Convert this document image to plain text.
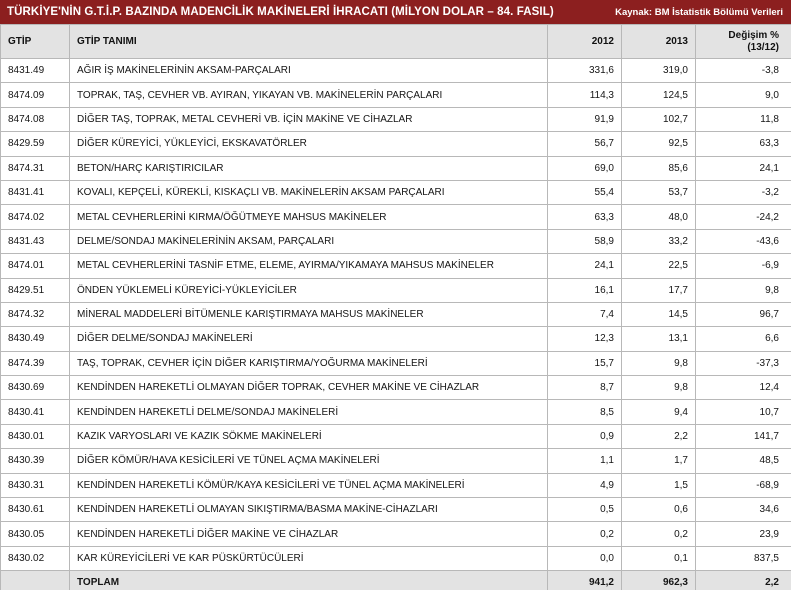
TÜRKİYE'NİN G.T.İ.P. BAZINDA MADENCİLİK MAKİNELERİ İHRACATI (MİLYON DOLAR – 84. FASIL)	Kaynak: BM İstatistik Bölümü Verileri
GTİP	GTİP TANIMI	2012	2013	Değişim %
(13/12)

8431.49	AĞIR İŞ MAKİNELERİNİN AKSAM-PARÇALARI	331,6	319,0	-3,8
8474.09	TOPRAK, TAŞ, CEVHER VB. AYIRAN, YIKAYAN VB. MAKİNELERİN PARÇALARI	114,3	124,5	9,0
8474.08	DİĞER TAŞ, TOPRAK, METAL CEVHERİ VB. İÇİN MAKİNE VE CİHAZLAR	91,9	102,7	11,8
8429.59	DİĞER KÜREYİCİ, YÜKLEYİCİ, EKSKAVATÖRLER	56,7	92,5	63,3
8474.31	BETON/HARÇ KARIŞTIRICILAR	69,0	85,6	24,1
8431.41	KOVALI, KEPÇELİ, KÜREKLİ, KISKAÇLI VB. MAKİNELERİN AKSAM PARÇALARI	55,4	53,7	-3,2
8474.02	METAL CEVHERLERİNİ KIRMA/ÖĞÜTMEYE MAHSUS MAKİNELER	63,3	48,0	-24,2
8431.43	DELME/SONDAJ MAKİNELERİNİN AKSAM, PARÇALARI	58,9	33,2	-43,6
8474.01	METAL CEVHERLERİNİ TASNİF ETME, ELEME, AYIRMA/YIKAMAYA MAHSUS MAKİNELER	24,1	22,5	-6,9
8429.51	ÖNDEN YÜKLEMELİ KÜREYİCİ-YÜKLEYİCİLER	16,1	17,7	9,8
8474.32	MİNERAL MADDELERİ BİTÜMENLE KARIŞTIRMAYA MAHSUS MAKİNELER	7,4	14,5	96,7
8430.49	DİĞER DELME/SONDAJ MAKİNELERİ	12,3	13,1	6,6
8474.39	TAŞ, TOPRAK, CEVHER İÇİN DİĞER KARIŞTIRMA/YOĞURMA MAKİNELERİ	15,7	9,8	-37,3
8430.69	KENDİNDEN HAREKETLİ OLMAYAN DİĞER TOPRAK, CEVHER MAKİNE VE CİHAZLAR	8,7	9,8	12,4
8430.41	KENDİNDEN HAREKETLİ DELME/SONDAJ MAKİNELERİ	8,5	9,4	10,7
8430.01	KAZIK VARYOSLARI VE KAZIK SÖKME MAKİNELERİ	0,9	2,2	141,7
8430.39	DİĞER KÖMÜR/HAVA KESİCİLERİ VE TÜNEL AÇMA MAKİNELERİ	1,1	1,7	48,5
8430.31	KENDİNDEN HAREKETLİ KÖMÜR/KAYA KESİCİLERİ VE TÜNEL AÇMA MAKİNELERİ	4,9	1,5	-68,9
8430.61	KENDİNDEN HAREKETLİ OLMAYAN SIKIŞTIRMA/BASMA MAKİNE-CİHAZLARI	0,5	0,6	34,6
8430.05	KENDİNDEN HAREKETLİ DİĞER MAKİNE VE CİHAZLAR	0,2	0,2	23,9
8430.02	KAR KÜREYİCİLERİ VE KAR PÜSKÜRTÜCÜLERİ	0,0	0,1	837,5
	TOPLAM	941,2	962,3	2,2
